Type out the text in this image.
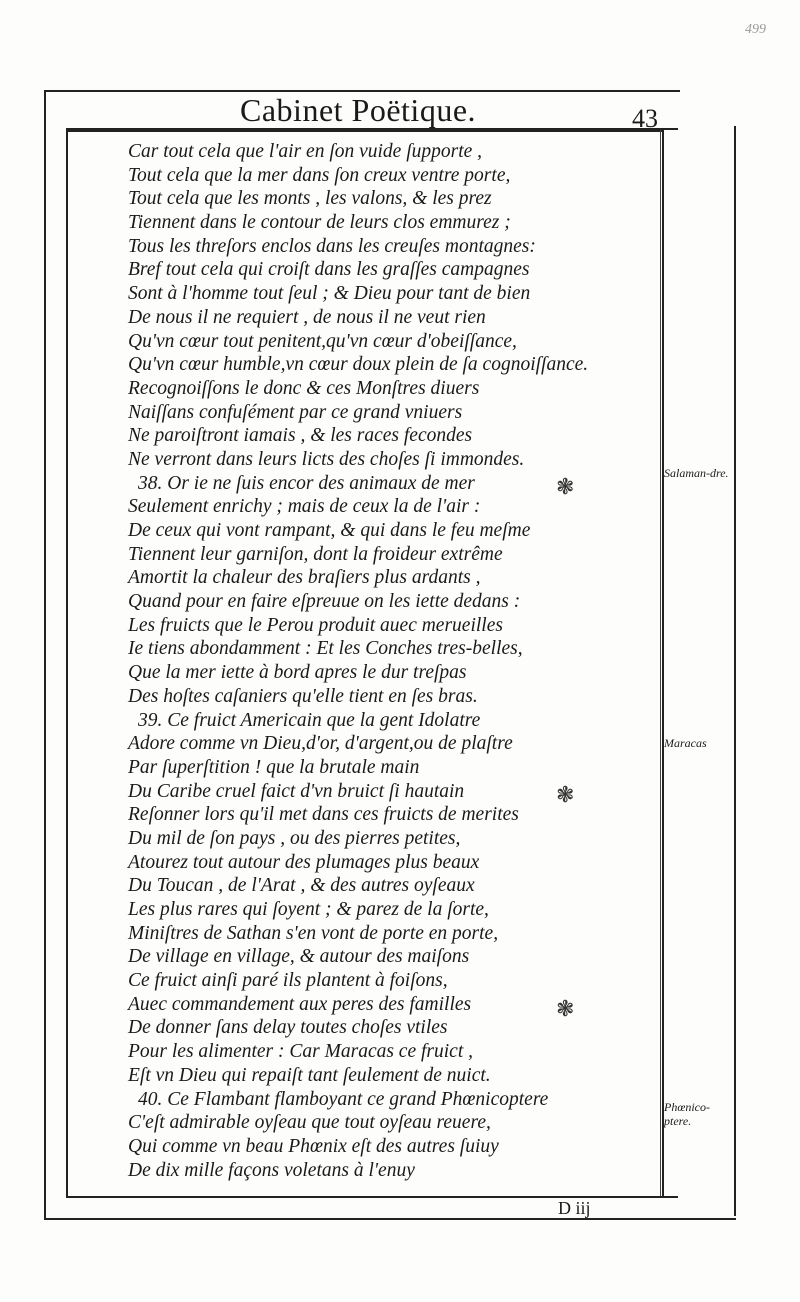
499
Cabinet Poëtique.	43
Car tout cela que l'air en ſon vuide ſupporte ,
Tout cela que la mer dans ſon creux ventre porte,
Tout cela que les monts , les valons, & les prez
Tiennent dans le contour de leurs clos emmurez ;
Tous les threſors enclos dans les creuſes montagnes:
Bref tout cela qui croiſt dans les graſſes campagnes
Sont à l'homme tout ſeul ; & Dieu pour tant de bien
De nous il ne requiert , de nous il ne veut rien
Qu'vn cœur tout penitent,qu'vn cœur d'obeiſſance,
Qu'vn cœur humble,vn cœur doux plein de ſa cognoiſſance.
Recognoiſſons le donc & ces Monſtres diuers
Naiſſans confuſément par ce grand vniuers
Ne paroiſtront iamais , & les races fecondes
Ne verront dans leurs licts des choſes ſi immondes.
38. Or ie ne ſuis encor des animaux de mer
Seulement enrichy ; mais de ceux la de l'air :
De ceux qui vont rampant, & qui dans le feu meſme
Tiennent leur garniſon, dont la froideur extrême
Amortit la chaleur des braſiers plus ardants ,
Quand pour en faire eſpreuue on les iette dedans :
Les fruicts que le Perou produit auec merueilles
Ie tiens abondamment : Et les Conches tres-belles,
Que la mer iette à bord apres le dur treſpas
Des hoſtes caſaniers qu'elle tient en ſes bras.
39. Ce fruict Americain que la gent Idolatre
Adore comme vn Dieu,d'or, d'argent,ou de plaſtre
Par ſuperſtition ! que la brutale main
Du Caribe cruel faict d'vn bruict ſi hautain
Reſonner lors qu'il met dans ces fruicts de merites
Du mil de ſon pays , ou des pierres petites,
Atourez tout autour des plumages plus beaux
Du Toucan , de l'Arat , & des autres oyſeaux
Les plus rares qui ſoyent ; & parez de la ſorte,
Miniſtres de Sathan s'en vont de porte en porte,
De village en village, & autour des maiſons
Ce fruict ainſi paré ils plantent à foiſons,
Auec commandement aux peres des familles
De donner ſans delay toutes choſes vtiles
Pour les alimenter : Car Maracas ce fruict ,
Eſt vn Dieu qui repaiſt tant ſeulement de nuict.
40. Ce Flambant flamboyant ce grand Phœnicoptere
C'eſt admirable oyſeau que tout oyſeau reuere,
Qui comme vn beau Phœnix eſt des autres ſuiuy
De dix mille façons voletans à l'enuy
Salaman-dre.
Maracas
Phœnico-ptere.
❃
❃
❃
D iij
